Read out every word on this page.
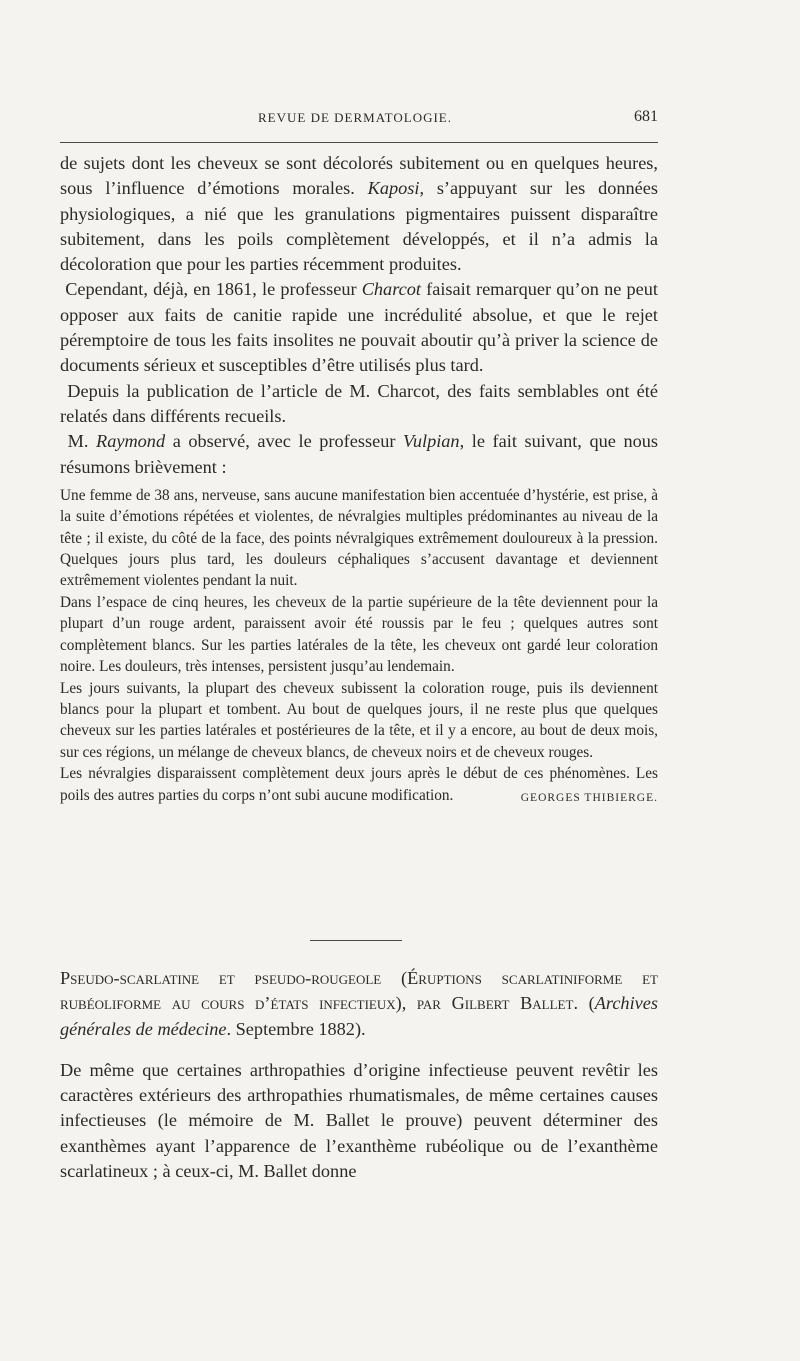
REVUE DE DERMATOLOGIE.	681

de sujets dont les cheveux se sont décolorés subitement ou en quelques heures, sous l’influence d’émotions morales. Kaposi, s’appuyant sur les données physiologiques, a nié que les granulations pigmentaires puissent disparaître subitement, dans les poils complètement développés, et il n’a admis la décoloration que pour les parties récemment produites.

Cependant, déjà, en 1861, le professeur Charcot faisait remarquer qu’on ne peut opposer aux faits de canitie rapide une incrédulité absolue, et que le rejet péremptoire de tous les faits insolites ne pouvait aboutir qu’à priver la science de documents sérieux et susceptibles d’être utilisés plus tard.

Depuis la publication de l’article de M. Charcot, des faits semblables ont été relatés dans différents recueils.

M. Raymond a observé, avec le professeur Vulpian, le fait suivant, que nous résumons brièvement :

Une femme de 38 ans, nerveuse, sans aucune manifestation bien accentuée d’hystérie, est prise, à la suite d’émotions répétées et violentes, de névralgies multiples prédominantes au niveau de la tête ; il existe, du côté de la face, des points névralgiques extrêmement douloureux à la pression. Quelques jours plus tard, les douleurs céphaliques s’accusent davantage et deviennent extrêmement violentes pendant la nuit.

Dans l’espace de cinq heures, les cheveux de la partie supérieure de la tête deviennent pour la plupart d’un rouge ardent, paraissent avoir été roussis par le feu ; quelques autres sont complètement blancs. Sur les parties latérales de la tête, les cheveux ont gardé leur coloration noire. Les douleurs, très intenses, persistent jusqu’au lendemain.

Les jours suivants, la plupart des cheveux subissent la coloration rouge, puis ils deviennent blancs pour la plupart et tombent. Au bout de quelques jours, il ne reste plus que quelques cheveux sur les parties latérales et postérieures de la tête, et il y a encore, au bout de deux mois, sur ces régions, un mélange de cheveux blancs, de cheveux noirs et de cheveux rouges.

Les névralgies disparaissent complètement deux jours après le début de ces phénomènes. Les poils des autres parties du corps n’ont subi aucune modification.	GEORGES THIBIERGE.

Pseudo-scarlatine et pseudo-rougeole (Éruptions scarlatiniforme et rubéoliforme au cours d’états infectieux), par Gilbert Ballet. (Archives générales de médecine. Septembre 1882).

De même que certaines arthropathies d’origine infectieuse peuvent revêtir les caractères extérieurs des arthropathies rhumatismales, de même certaines causes infectieuses (le mémoire de M. Ballet le prouve) peuvent déterminer des exanthèmes ayant l’apparence de l’exanthème rubéolique ou de l’exanthème scarlatineux ; à ceux-ci, M. Ballet donne
